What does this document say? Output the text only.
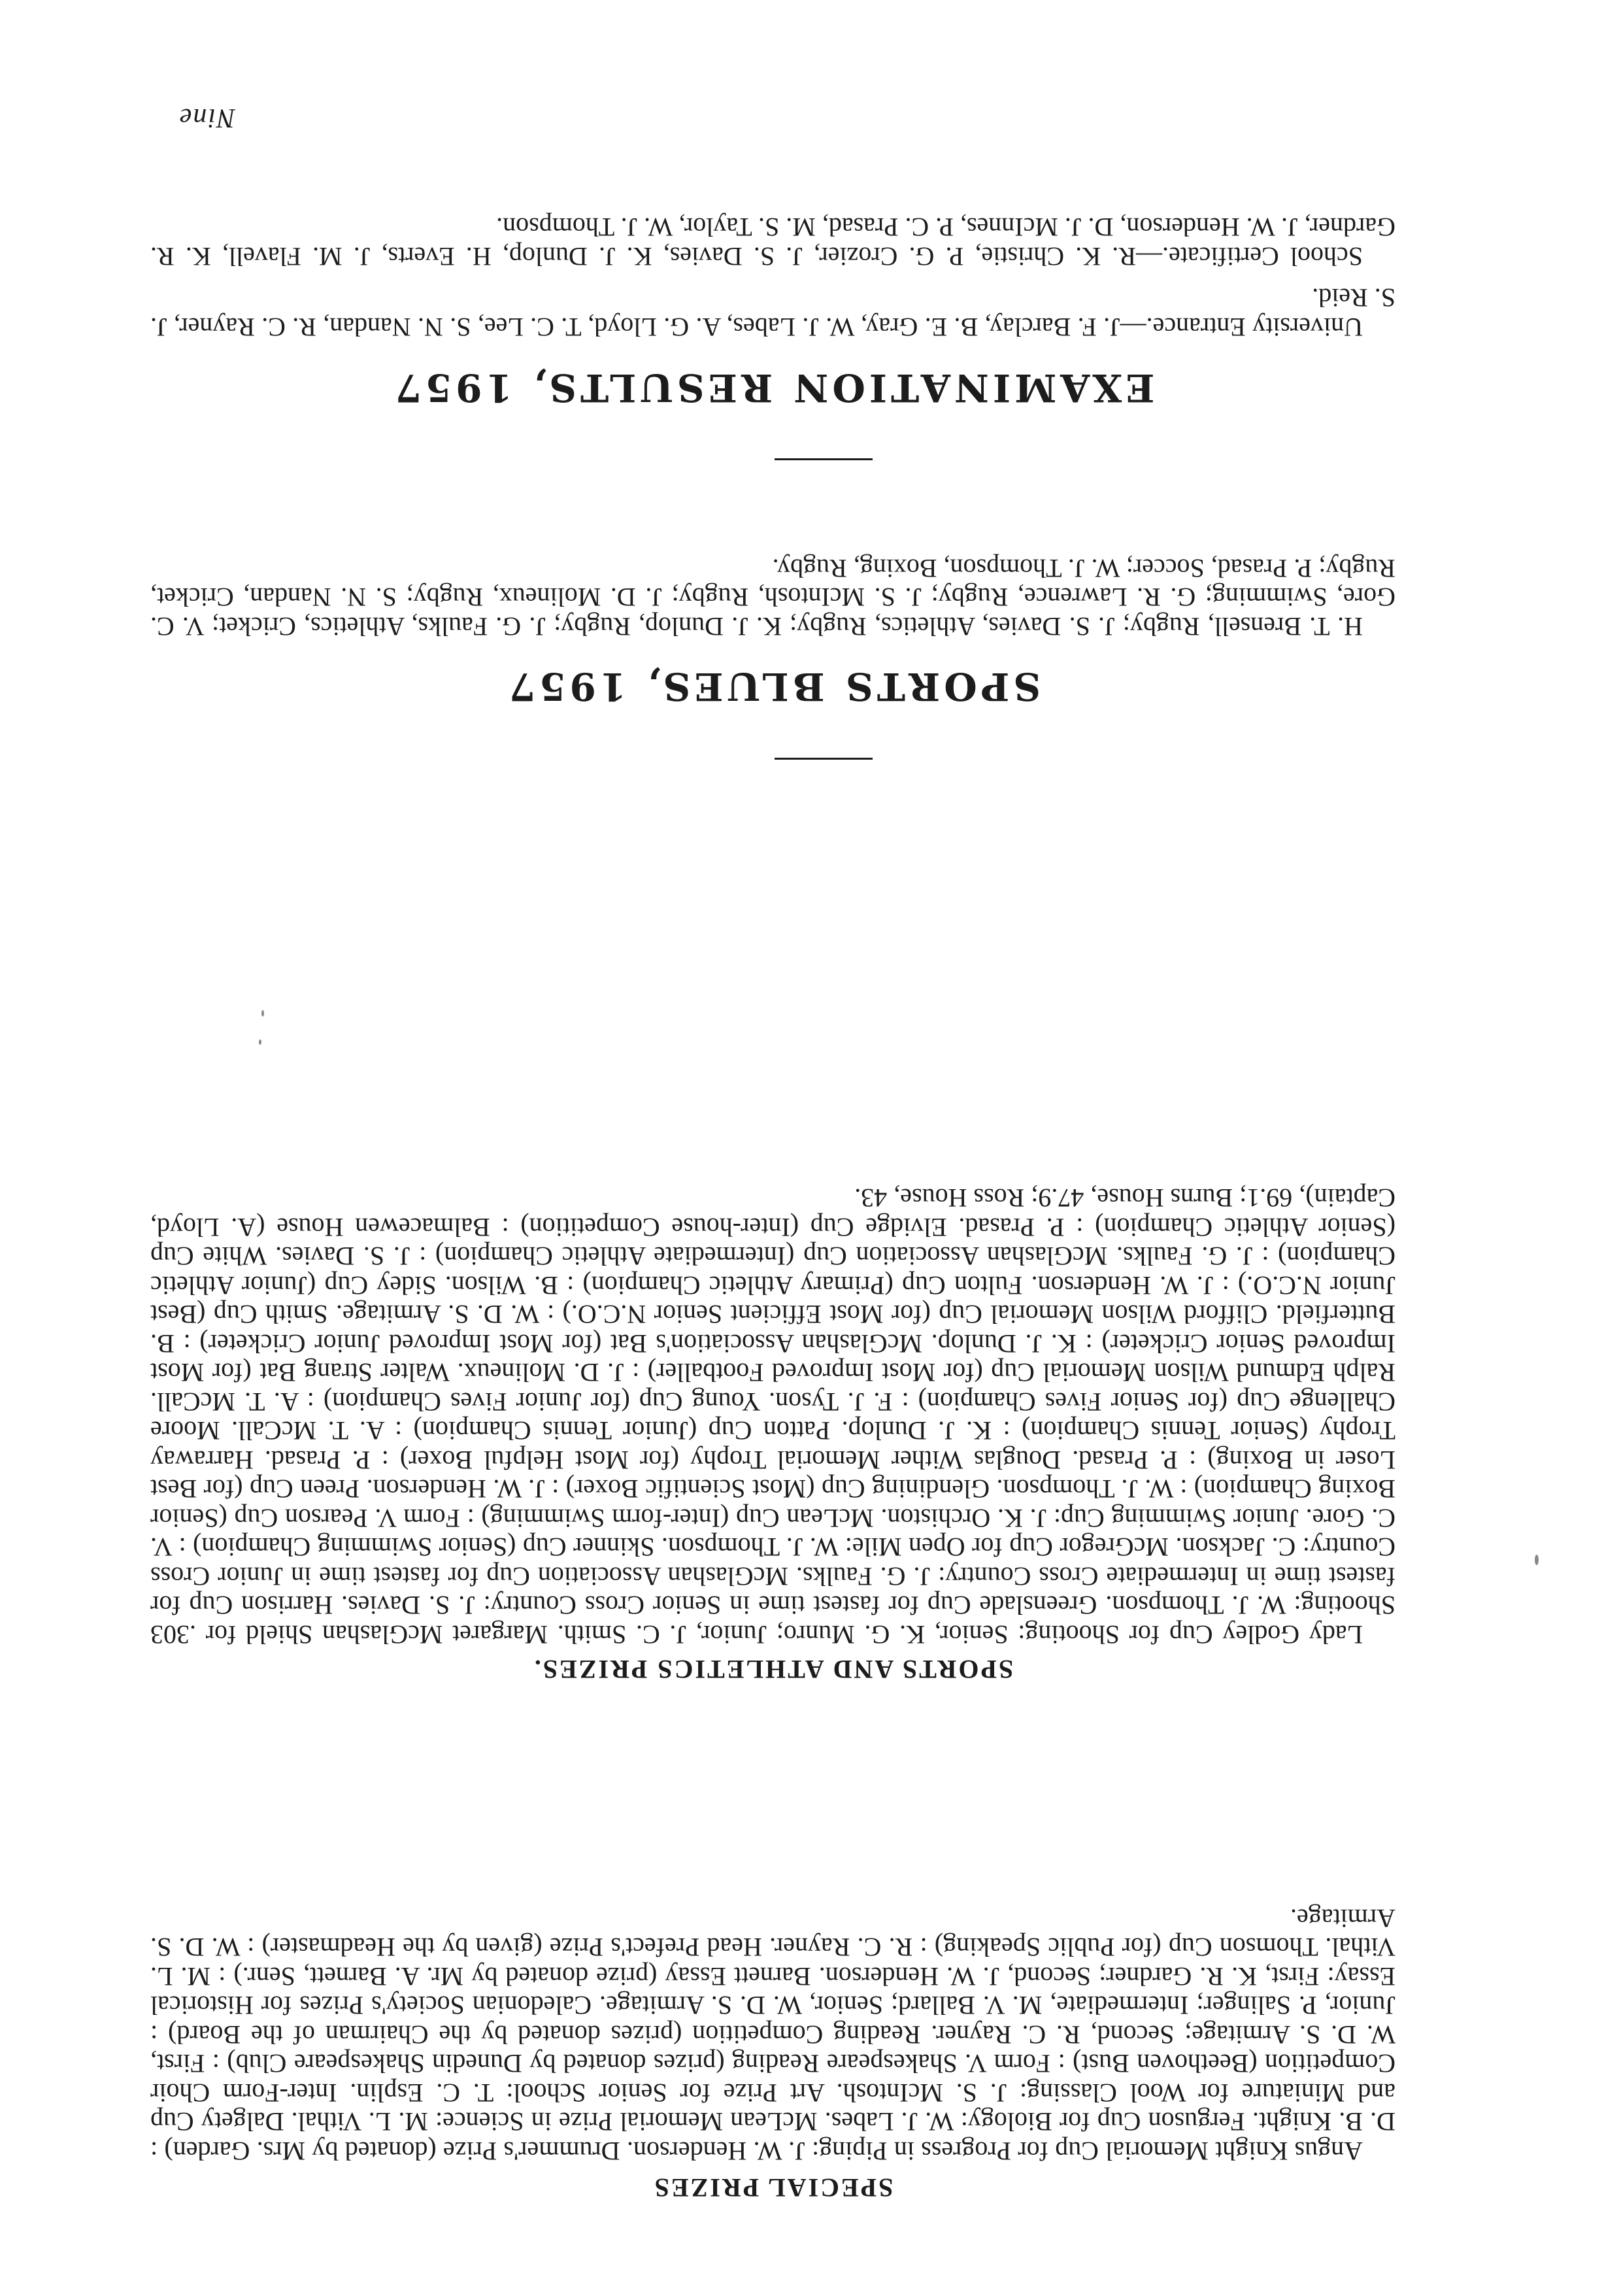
SPECIAL PRIZES

Angus Knight Memorial Cup for Progress in Piping: J. W. Henderson. Drummer's Prize (donated by Mrs. Garden) : D. B. Knight. Ferguson Cup for Biology: W. J. Labes. McLean Memorial Prize in Science: M. L. Vithal. Dalgety Cup and Miniature for Wool Classing: J. S. McIntosh. Art Prize for Senior School: T. C. Esplin. Inter-Form Choir Competition (Beethoven Bust) : Form V. Shakespeare Reading (prizes donated by Dunedin Shakespeare Club) : First, W. D. S. Armitage; Second, R. C. Rayner. Reading Competition (prizes donated by the Chairman of the Board) : Junior, P. Salinger; Intermediate, M. V. Ballard; Senior, W. D. S. Armitage. Caledonian Society's Prizes for Historical Essay: First, K. R. Gardner; Second, J. W. Henderson. Barnett Essay (prize donated by Mr. A. Barnett, Senr.) : M. L. Vithal. Thomson Cup (for Public Speaking) : R. C. Rayner. Head Prefect's Prize (given by the Headmaster) : W. D. S. Armitage.

SPORTS AND ATHLETICS PRIZES.

Lady Godley Cup for Shooting: Senior, K. G. Munro; Junior, J. C. Smith. Margaret McGlashan Shield for .303 Shooting: W. J. Thompson. Greenslade Cup for fastest time in Senior Cross Country: J. S. Davies. Harrison Cup for fastest time in Intermediate Cross Country: J. G. Faulks. McGlashan Association Cup for fastest time in Junior Cross Country: C. Jackson. McGregor Cup for Open Mile: W. J. Thompson. Skinner Cup (Senior Swimming Champion) : V. C. Gore. Junior Swimming Cup: J. K. Orchiston. McLean Cup (Inter-form Swimming) : Form V. Pearson Cup (Senior Boxing Champion) : W. J. Thompson. Glendining Cup (Most Scientific Boxer) : J. W. Henderson. Preen Cup (for Best Loser in Boxing) : P. Prasad. Douglas Wither Memorial Trophy (for Most Helpful Boxer) : P. Prasad. Harraway Trophy (Senior Tennis Champion) : K. J. Dunlop. Patton Cup (Junior Tennis Champion) : A. T. McCall. Moore Challenge Cup (for Senior Fives Champion) : F. J. Tyson. Young Cup (for Junior Fives Champion) : A. T. McCall. Ralph Edmund Wilson Memorial Cup (for Most Improved Footballer) : J. D. Molineux. Walter Strang Bat (for Most Improved Senior Cricketer) : K. J. Dunlop. McGlashan Association's Bat (for Most Improved Junior Cricketer) : B. Butterfield. Clifford Wilson Memorial Cup (for Most Efficient Senior N.C.O.) : W. D. S. Armitage. Smith Cup (Best Junior N.C.O.) : J. W. Henderson. Fulton Cup (Primary Athletic Champion) : B. Wilson. Sidey Cup (Junior Athletic Champion) : J. G. Faulks. McGlashan Association Cup (Intermediate Athletic Champion) : J. S. Davies. White Cup (Senior Athletic Champion) : P. Prasad. Elvidge Cup (Inter-house Competition) : Balmacewen House (A. Lloyd, Captain), 69.1; Burns House, 47.9; Ross House, 43.

SPORTS BLUES, 1957

H. T. Brensell, Rugby; J. S. Davies, Athletics, Rugby; K. J. Dunlop, Rugby; J. G. Faulks, Athletics, Cricket; V. C. Gore, Swimming; G. R. Lawrence, Rugby; J. S. McIntosh, Rugby; J. D. Molineux, Rugby; S. N. Nandan, Cricket, Rugby; P. Prasad, Soccer; W. J. Thompson, Boxing, Rugby.

EXAMINATION RESULTS, 1957

University Entrance.—J. F. Barclay, B. E. Gray, W. J. Labes, A. G. Lloyd, T. C. Lee, S. N. Nandan, R. C. Rayner, J. S. Reid.

School Certificate.—R. K. Christie, P. G. Crozier, J. S. Davies, K. J. Dunlop, H. Everts, J. M. Flavell, K. R. Gardner, J. W. Henderson, D. J. McInnes, P. C. Prasad, M. S. Taylor, W. J. Thompson.

Nine
